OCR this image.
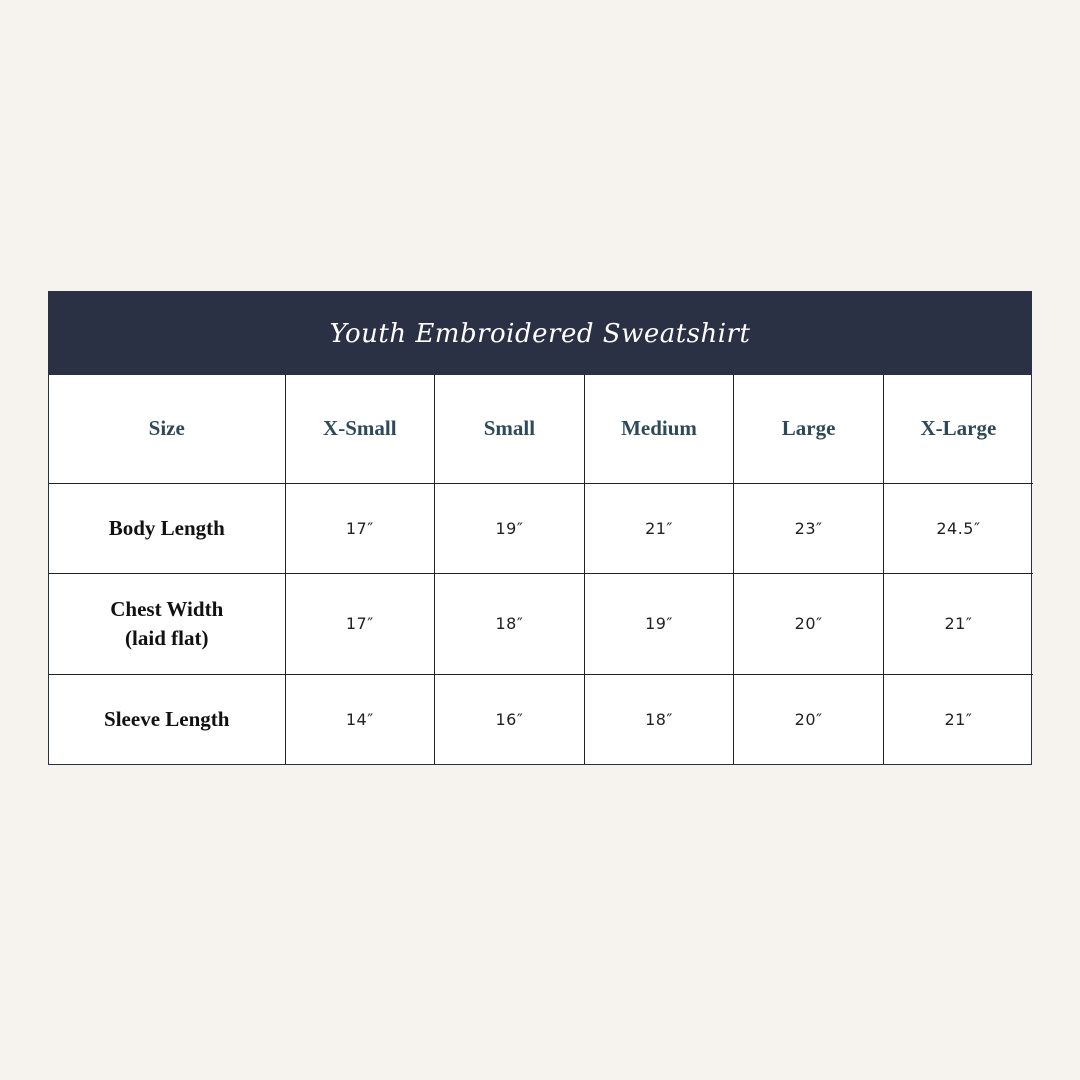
Youth Embroidered Sweatshirt
Size	X-Small	Small	Medium	Large	X-Large

Body Length	17″	19″	21″	23″	24.5″

Chest Width
(laid flat)	17″	18″	19″	20″	21″

Sleeve Length	14″	16″	18″	20″	21″
